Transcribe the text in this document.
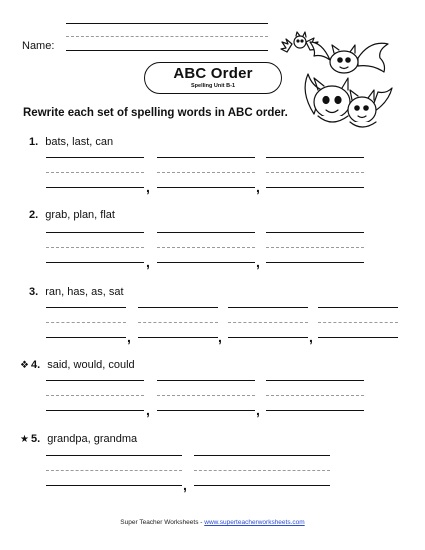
Name:
ABC Order
Spelling Unit B-1
Rewrite each set of spelling words in ABC order.
1. bats, last, can
,	,
2. grab, plan, flat
,	,
3. ran, has, as, sat
,	,	,
❖ 4. said, would, could
,	,
★ 5. grandpa, grandma
,
Super Teacher Worksheets - www.superteacherworksheets.com
